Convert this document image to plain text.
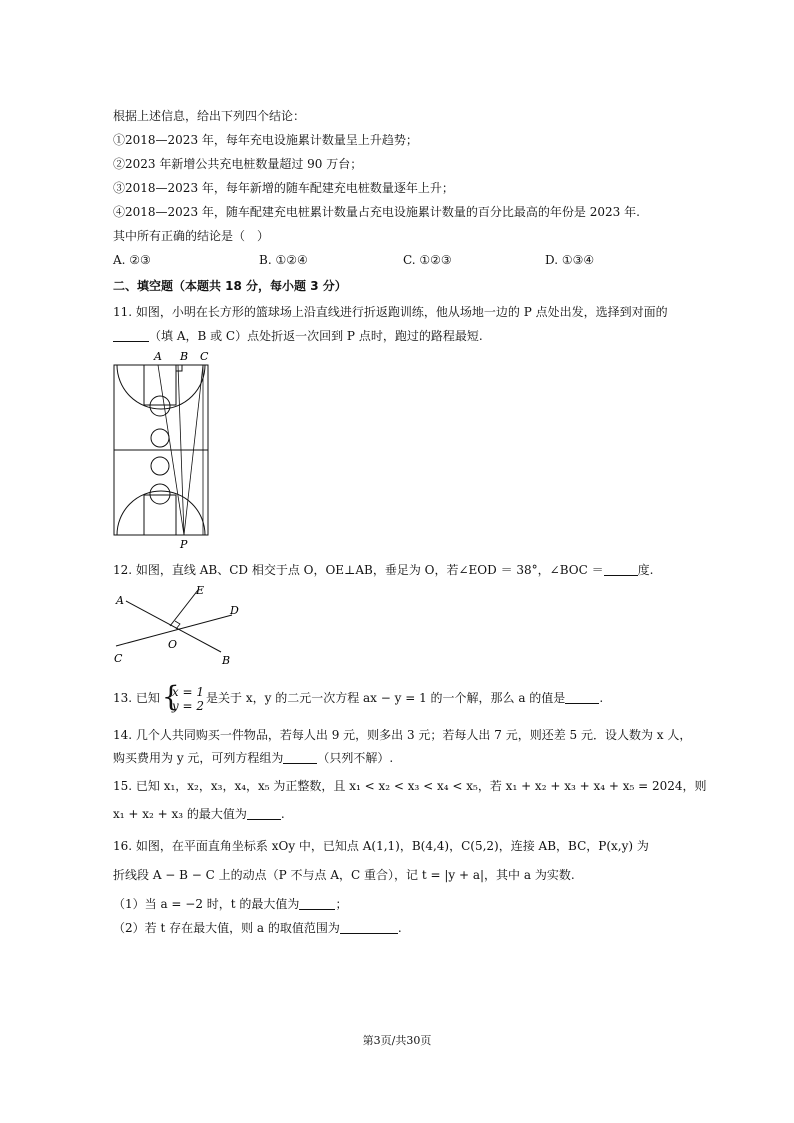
根据上述信息，给出下列四个结论：
①2018—2023 年，每年充电设施累计数量呈上升趋势；
②2023 年新增公共充电桩数量超过 90 万台；
③2018—2023 年，每年新增的随车配建充电桩数量逐年上升；
④2018—2023 年，随车配建充电桩累计数量占充电设施累计数量的百分比最高的年份是 2023 年.
其中所有正确的结论是（　）
A. ②③	B. ①②④	C. ①②③	D. ①③④
二、填空题（本题共 18 分，每小题 3 分）
11. 如图，小明在长方形的篮球场上沿直线进行折返跑训练，他从场地一边的 P 点处出发，选择到对面的
（填 A，B 或 C）点处折返一次回到 P 点时，跑过的路程最短.
A B C
P
12. 如图，直线 AB、CD 相交于点 O，OE⊥AB，垂足为 O，若∠EOD ＝ 38°，∠BOC ＝	度.
A
B
C
D
E
O
13. 已知 {
x = 1
y = 2
是关于 x，y 的二元一次方程 ax − y = 1 的一个解，那么 a 的值是	.
14. 几个人共同购买一件物品，若每人出 9 元，则多出 3 元；若每人出 7 元，则还差 5 元．设人数为 x 人，
购买费用为 y 元，可列方程组为	（只列不解）.
15. 已知 x₁，x₂，x₃，x₄，x₅ 为正整数，且 x₁ < x₂ < x₃ < x₄ < x₅，若 x₁ + x₂ + x₃ + x₄ + x₅ = 2024，则
x₁ + x₂ + x₃ 的最大值为	.
16. 如图，在平面直角坐标系 xOy 中，已知点 A(1,1)，B(4,4)，C(5,2)，连接 AB，BC，P(x,y) 为
折线段 A − B − C 上的动点（P 不与点 A，C 重合），记 t = |y + a|，其中 a 为实数.
（1）当 a = −2 时，t 的最大值为	；
（2）若 t 存在最大值，则 a 的取值范围为	.
第3页/共30页
